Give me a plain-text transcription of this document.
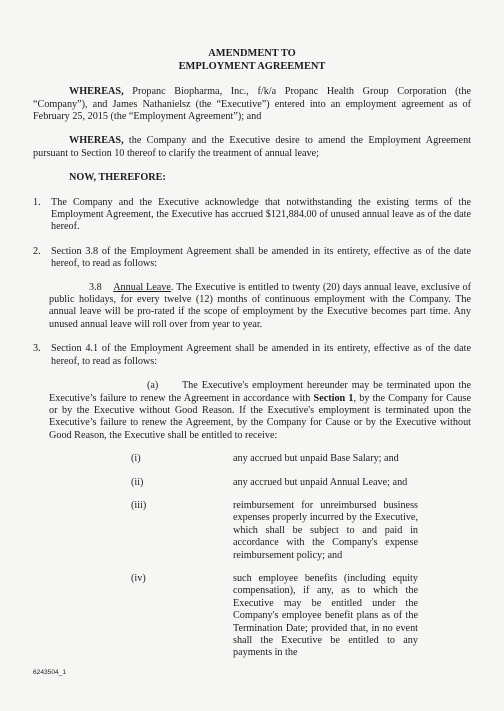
AMENDMENT TO
EMPLOYMENT AGREEMENT

WHEREAS, Propanc Biopharma, Inc., f/k/a Propanc Health Group Corporation (the “Company”), and James Nathanielsz (the “Executive”) entered into an employment agreement as of February 25, 2015 (the “Employment Agreement”); and

WHEREAS, the Company and the Executive desire to amend the Employment Agreement pursuant to Section 10 thereof to clarify the treatment of annual leave;

NOW, THEREFORE:

1. The Company and the Executive acknowledge that notwithstanding the existing terms of the Employment Agreement, the Executive has accrued $121,884.00 of unused annual leave as of the date hereof.

2. Section 3.8 of the Employment Agreement shall be amended in its entirety, effective as of the date hereof, to read as follows:

3.8 Annual Leave. The Executive is entitled to twenty (20) days annual leave, exclusive of public holidays, for every twelve (12) months of continuous employment with the Company. The annual leave will be pro-rated if the scope of employment by the Executive becomes part time. Any unused annual leave will roll over from year to year.

3. Section 4.1 of the Employment Agreement shall be amended in its entirety, effective as of the date hereof, to read as follows:

(a) The Executive's employment hereunder may be terminated upon the Executive’s failure to renew the Agreement in accordance with Section 1, by the Company for Cause or by the Executive without Good Reason. If the Executive's employment is terminated upon the Executive’s failure to renew the Agreement, by the Company for Cause or by the Executive without Good Reason, the Executive shall be entitled to receive:

(i)	any accrued but unpaid Base Salary; and

(ii)	any accrued but unpaid Annual Leave; and

(iii)	reimbursement for unreimbursed business expenses properly incurred by the Executive, which shall be subject to and paid in accordance with the Company's expense reimbursement policy; and

(iv)	such employee benefits (including equity compensation), if any, as to which the Executive may be entitled under the Company's employee benefit plans as of the Termination Date; provided that, in no event shall the Executive be entitled to any payments in the

6243504_1
